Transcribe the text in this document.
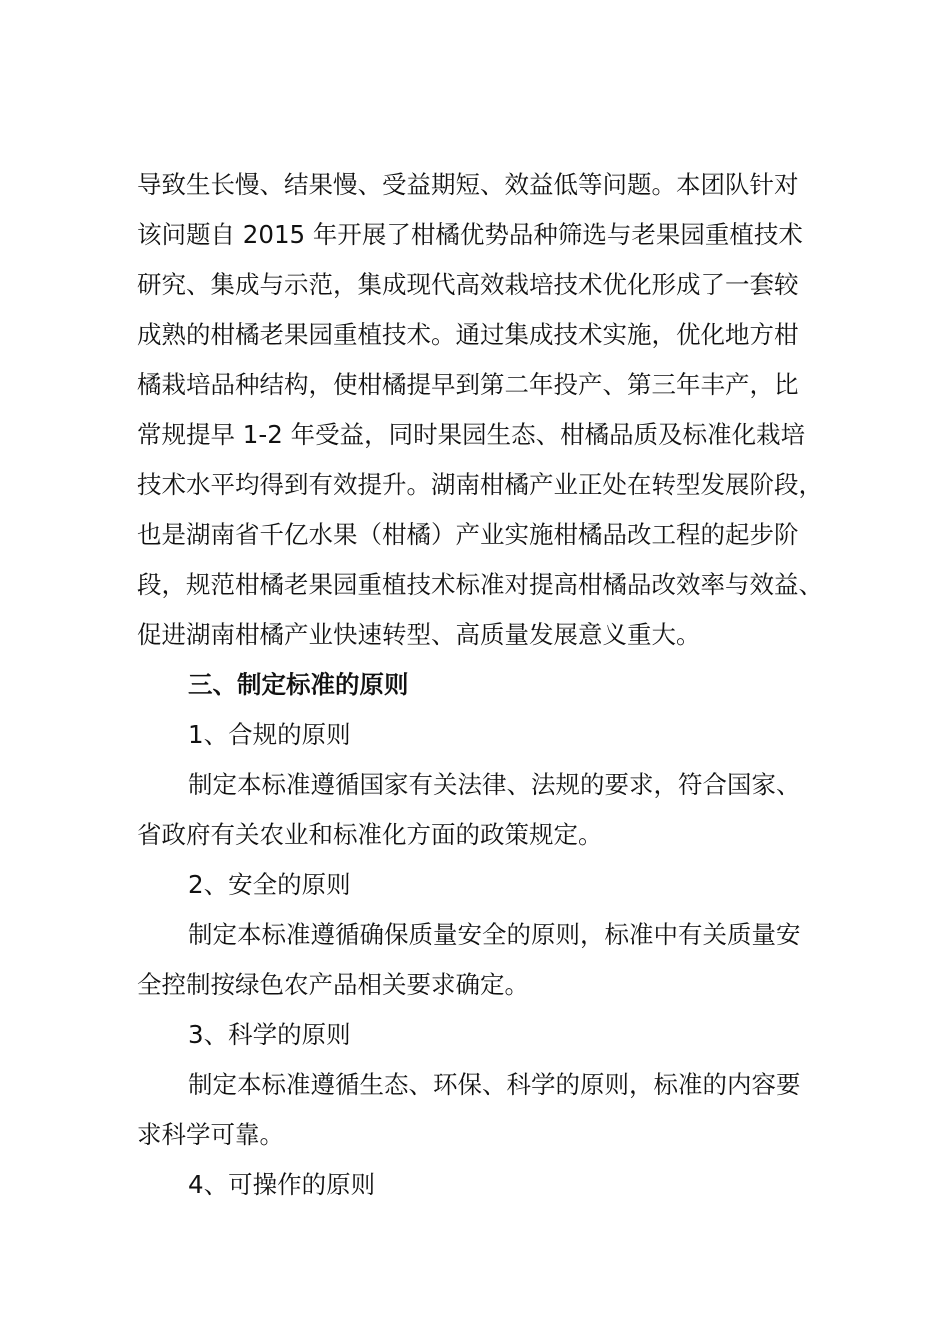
导致生长慢、结果慢、受益期短、效益低等问题。本团队针对
该问题自 2015 年开展了柑橘优势品种筛选与老果园重植技术
研究、集成与示范，集成现代高效栽培技术优化形成了一套较
成熟的柑橘老果园重植技术。通过集成技术实施，优化地方柑
橘栽培品种结构，使柑橘提早到第二年投产、第三年丰产，比
常规提早 1-2 年受益，同时果园生态、柑橘品质及标准化栽培
技术水平均得到有效提升。湖南柑橘产业正处在转型发展阶段，
也是湖南省千亿水果（柑橘）产业实施柑橘品改工程的起步阶
段，规范柑橘老果园重植技术标准对提高柑橘品改效率与效益、
促进湖南柑橘产业快速转型、高质量发展意义重大。
三、制定标准的原则
1、合规的原则
制定本标准遵循国家有关法律、法规的要求，符合国家、
省政府有关农业和标准化方面的政策规定。
2、安全的原则
制定本标准遵循确保质量安全的原则，标准中有关质量安
全控制按绿色农产品相关要求确定。
3、科学的原则
制定本标准遵循生态、环保、科学的原则，标准的内容要
求科学可靠。
4、可操作的原则
